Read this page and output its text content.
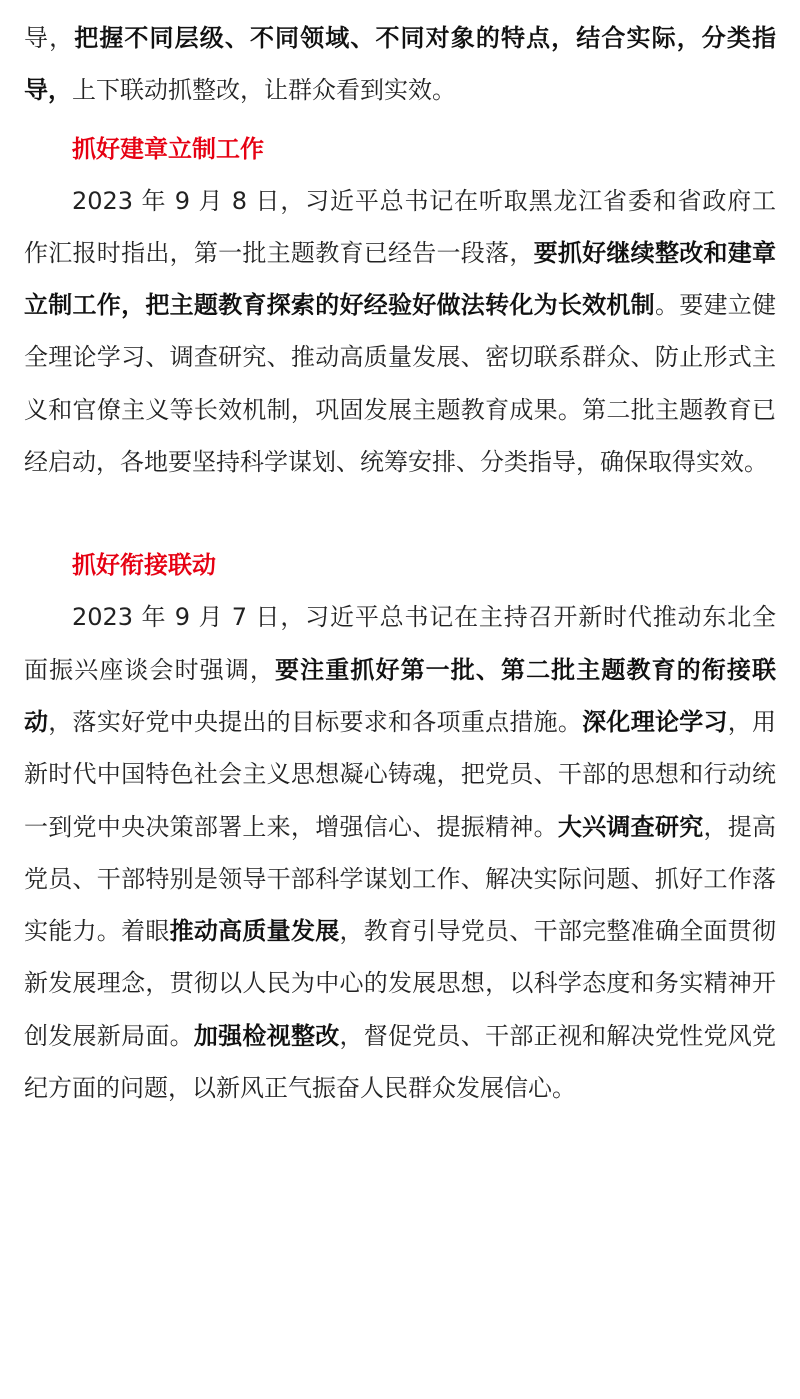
导，把握不同层级、不同领域、不同对象的特点，结合实际，分类指导，上下联动抓整改，让群众看到实效。

抓好建章立制工作

2023 年 9 月 8 日，习近平总书记在听取黑龙江省委和省政府工作汇报时指出，第一批主题教育已经告一段落，要抓好继续整改和建章立制工作，把主题教育探索的好经验好做法转化为长效机制。要建立健全理论学习、调查研究、推动高质量发展、密切联系群众、防止形式主义和官僚主义等长效机制，巩固发展主题教育成果。第二批主题教育已经启动，各地要坚持科学谋划、统筹安排、分类指导，确保取得实效。

抓好衔接联动

2023 年 9 月 7 日，习近平总书记在主持召开新时代推动东北全面振兴座谈会时强调，要注重抓好第一批、第二批主题教育的衔接联动，落实好党中央提出的目标要求和各项重点措施。深化理论学习，用新时代中国特色社会主义思想凝心铸魂，把党员、干部的思想和行动统一到党中央决策部署上来，增强信心、提振精神。大兴调查研究，提高党员、干部特别是领导干部科学谋划工作、解决实际问题、抓好工作落实能力。着眼推动高质量发展，教育引导党员、干部完整准确全面贯彻新发展理念，贯彻以人民为中心的发展思想，以科学态度和务实精神开创发展新局面。加强检视整改，督促党员、干部正视和解决党性党风党纪方面的问题，以新风正气振奋人民群众发展信心。
